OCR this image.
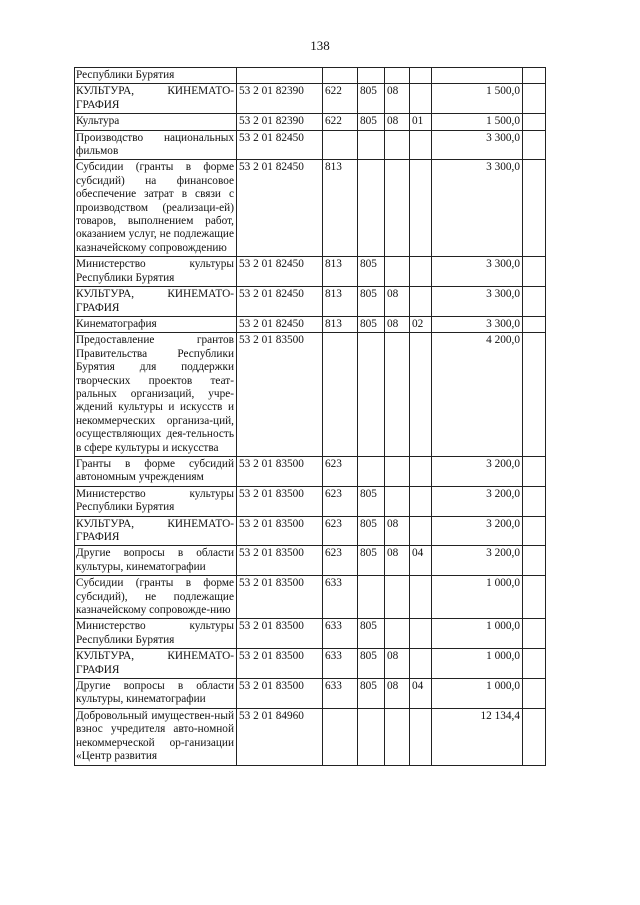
138
Республики Бурятия							
КУЛЬТУРА, КИНЕМАТО-ГРАФИЯ	53 2 01 82390	622	805	08		1 500,0	
Культура	53 2 01 82390	622	805	08	01	1 500,0	
Производство национальных фильмов	53 2 01 82450					3 300,0	
Субсидии (гранты в форме субсидий) на финансовое обеспечение затрат в связи с производством (реализаци-ей) товаров, выполнением работ, оказанием услуг, не подлежащие казначейскому сопровождению	53 2 01 82450	813				3 300,0	
Министерство культуры Республики Бурятия	53 2 01 82450	813	805			3 300,0	
КУЛЬТУРА, КИНЕМАТО-ГРАФИЯ	53 2 01 82450	813	805	08		3 300,0	
Кинематография	53 2 01 82450	813	805	08	02	3 300,0	
Предоставление грантов Правительства Республики Бурятия для поддержки творческих проектов теат-ральных организаций, учре-ждений культуры и искусств и некоммерческих организа-ций, осуществляющих дея-тельность в сфере культуры и искусства	53 2 01 83500					4 200,0	
Гранты в форме субсидий автономным учреждениям	53 2 01 83500	623				3 200,0	
Министерство культуры Республики Бурятия	53 2 01 83500	623	805			3 200,0	
КУЛЬТУРА, КИНЕМАТО-ГРАФИЯ	53 2 01 83500	623	805	08		3 200,0	
Другие вопросы в области культуры, кинематографии	53 2 01 83500	623	805	08	04	3 200,0	
Субсидии (гранты в форме субсидий), не подлежащие казначейскому сопровожде-нию	53 2 01 83500	633				1 000,0	
Министерство культуры Республики Бурятия	53 2 01 83500	633	805			1 000,0	
КУЛЬТУРА, КИНЕМАТО-ГРАФИЯ	53 2 01 83500	633	805	08		1 000,0	
Другие вопросы в области культуры, кинематографии	53 2 01 83500	633	805	08	04	1 000,0	
Добровольный имуществен-ный взнос учредителя авто-номной некоммерческой ор-ганизации «Центр развития	53 2 01 84960					12 134,4	
